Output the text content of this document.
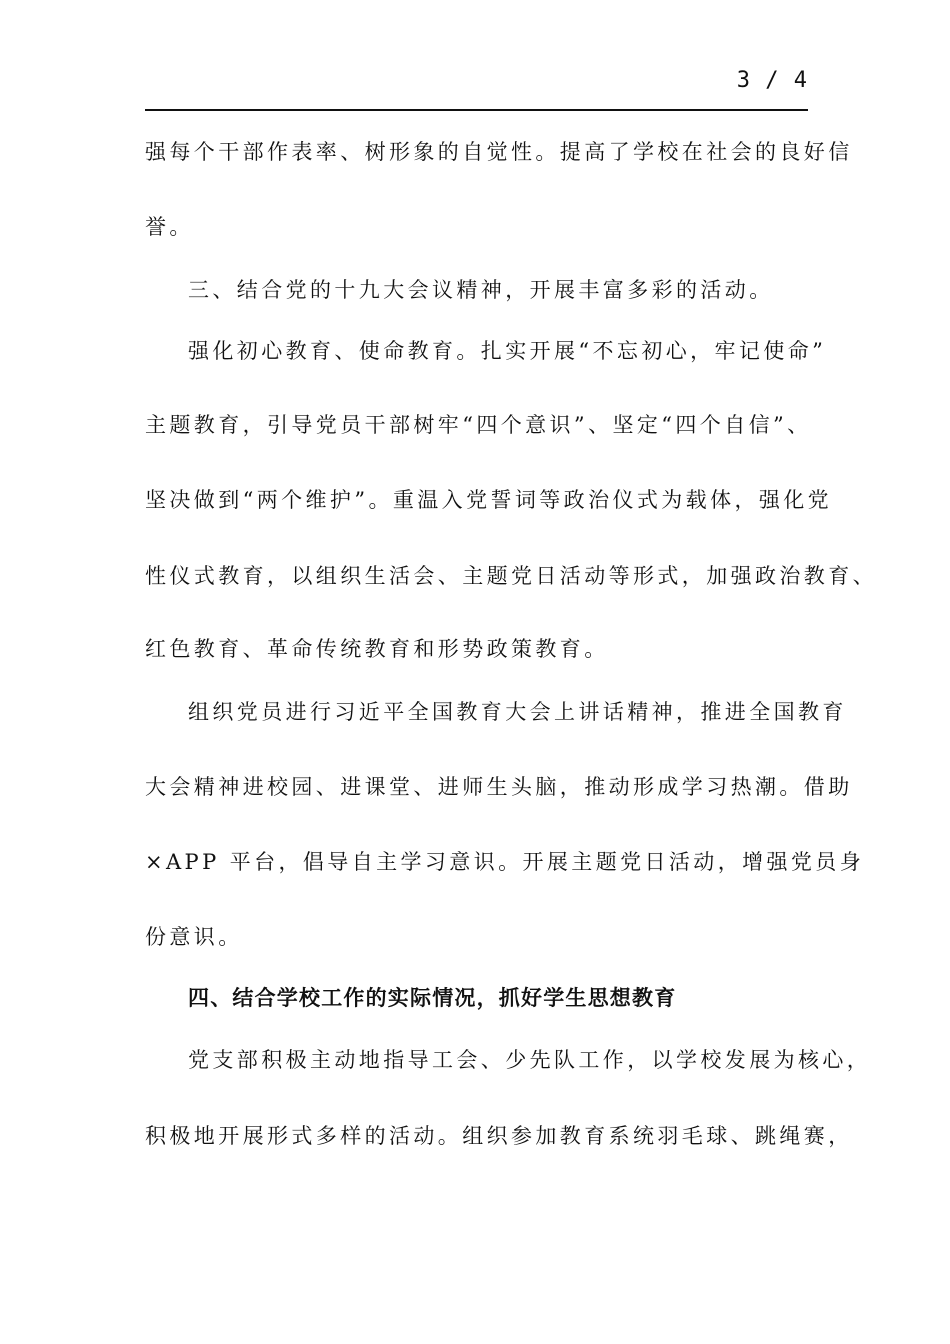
3 / 4
强每个干部作表率、树形象的自觉性。提高了学校在社会的良好信
誉。
三、结合党的十九大会议精神，开展丰富多彩的活动。
强化初心教育、使命教育。扎实开展“不忘初心，牢记使命”
主题教育，引导党员干部树牢“四个意识”、坚定“四个自信”、
坚决做到“两个维护”。重温入党誓词等政治仪式为载体，强化党
性仪式教育，以组织生活会、主题党日活动等形式，加强政治教育、
红色教育、革命传统教育和形势政策教育。
组织党员进行习近平全国教育大会上讲话精神，推进全国教育
大会精神进校园、进课堂、进师生头脑，推动形成学习热潮。借助
×APP 平台，倡导自主学习意识。开展主题党日活动，增强党员身
份意识。
四、结合学校工作的实际情况，抓好学生思想教育
党支部积极主动地指导工会、少先队工作，以学校发展为核心，
积极地开展形式多样的活动。组织参加教育系统羽毛球、跳绳赛，
